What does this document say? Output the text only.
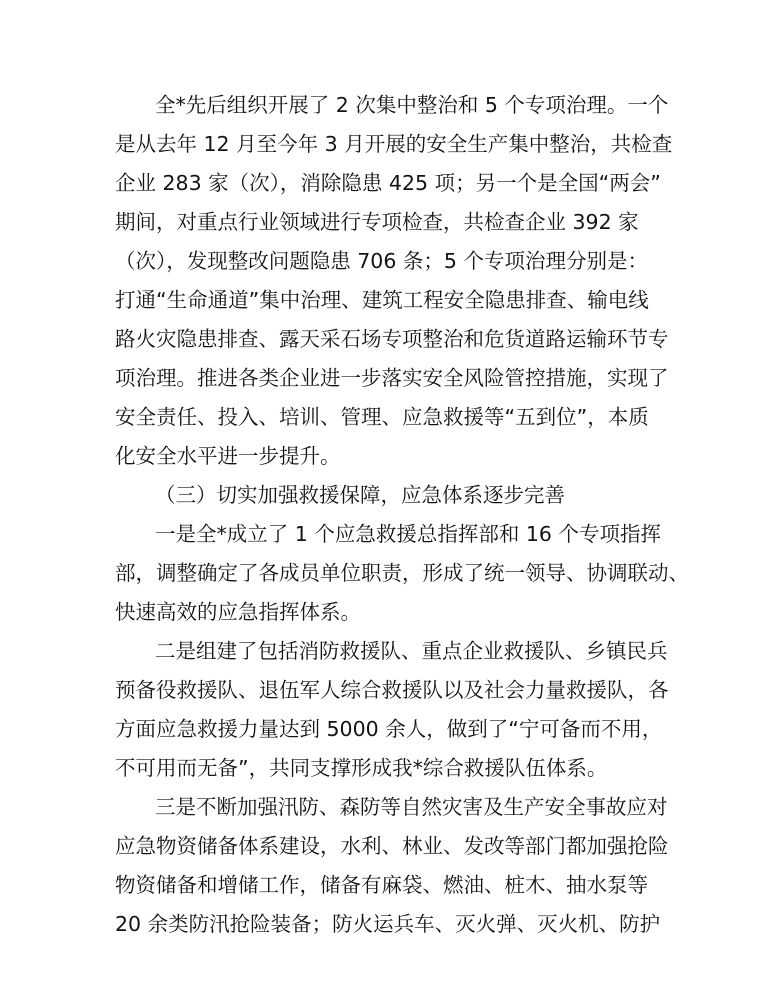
全*先后组织开展了 2 次集中整治和 5 个专项治理。一个
是从去年 12 月至今年 3 月开展的安全生产集中整治，共检查
企业 283 家（次），消除隐患 425 项；另一个是全国“两会”
期间，对重点行业领域进行专项检查，共检查企业 392 家
（次），发现整改问题隐患 706 条；5 个专项治理分别是：
打通“生命通道”集中治理、建筑工程安全隐患排查、输电线
路火灾隐患排查、露天采石场专项整治和危货道路运输环节专
项治理。推进各类企业进一步落实安全风险管控措施，实现了
安全责任、投入、培训、管理、应急救援等“五到位”，本质
化安全水平进一步提升。
（三）切实加强救援保障，应急体系逐步完善
一是全*成立了 1 个应急救援总指挥部和 16 个专项指挥
部，调整确定了各成员单位职责，形成了统一领导、协调联动、
快速高效的应急指挥体系。
二是组建了包括消防救援队、重点企业救援队、乡镇民兵
预备役救援队、退伍军人综合救援队以及社会力量救援队，各
方面应急救援力量达到 5000 余人，做到了“宁可备而不用，
不可用而无备”，共同支撑形成我*综合救援队伍体系。
三是不断加强汛防、森防等自然灾害及生产安全事故应对
应急物资储备体系建设，水利、林业、发改等部门都加强抢险
物资储备和增储工作，储备有麻袋、燃油、桩木、抽水泵等
20 余类防汛抢险装备；防火运兵车、灭火弹、灭火机、防护
